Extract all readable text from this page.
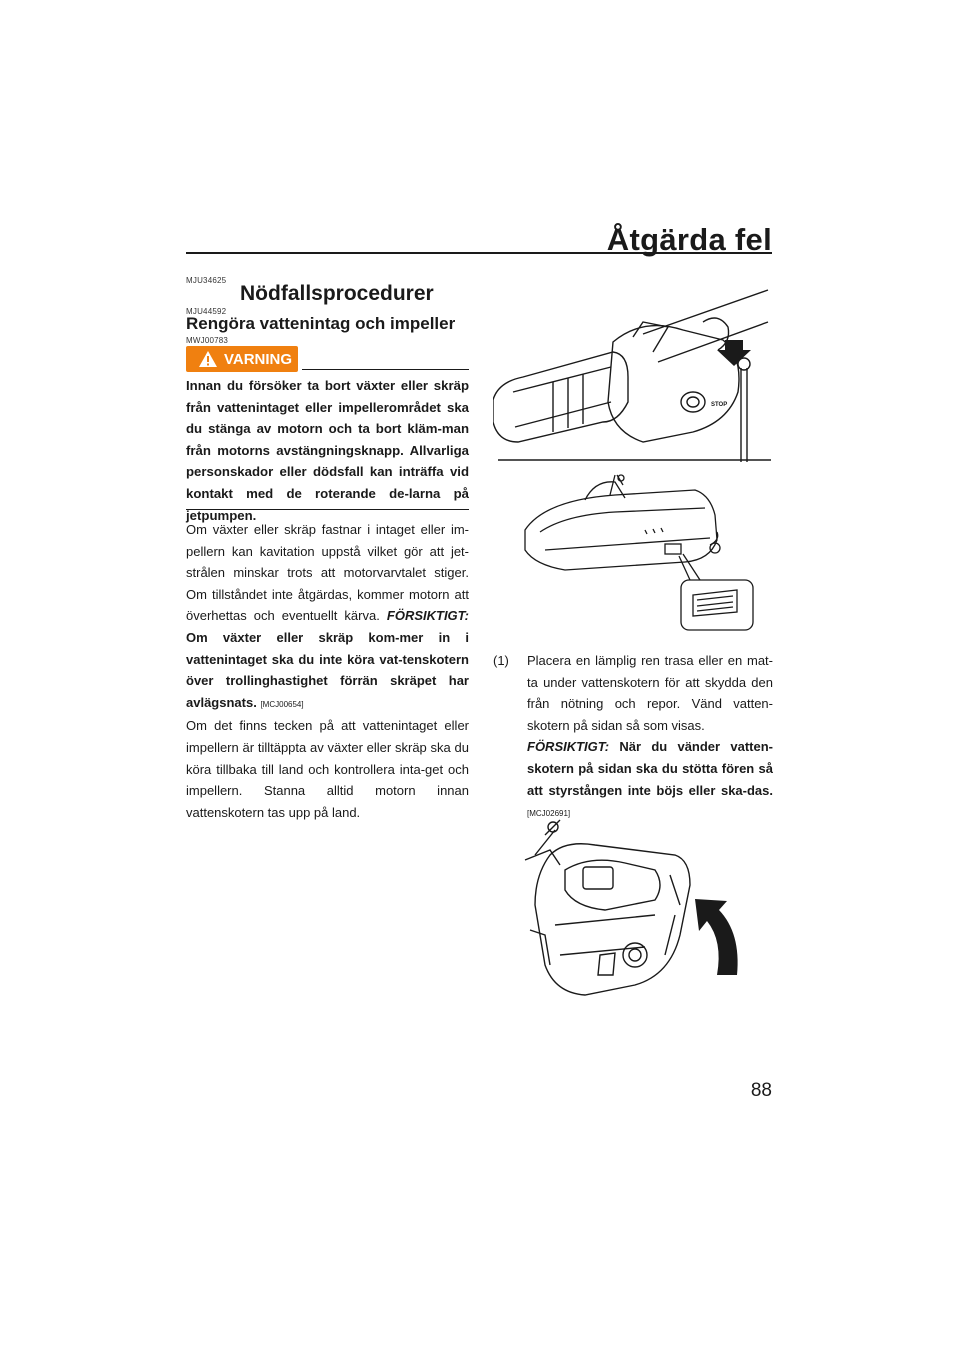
Åtgärda fel
MJU34625
Nödfallsprocedurer
MJU44592
Rengöra vattenintag och impeller
MWJ00783
VARNING
Innan du försöker ta bort växter eller skräp från vattenintaget eller impellerområdet ska du stänga av motorn och ta bort kläm-man från motorns avstängningsknapp. Allvarliga personskador eller dödsfall kan inträffa vid kontakt med de roterande de-larna på jetpumpen.

Om växter eller skräp fastnar i intaget eller im-pellern kan kavitation uppstå vilket gör att jet-strålen minskar trots att motorvarvtalet stiger. Om tillståndet inte åtgärdas, kommer motorn att överhettas och eventuellt kärva. FÖRSIKTIGT: Om växter eller skräp kom-mer in i vattenintaget ska du inte köra vat-tenskotern över trollinghastighet förrän skräpet har avlägsnats. [MCJ00654]

Om det finns tecken på att vattenintaget eller impellern är tilltäppta av växter eller skräp ska du köra tillbaka till land och kontrollera inta-get och impellern. Stanna alltid motorn innan vattenskotern tas upp på land.

STOP
(1) Placera en lämplig ren trasa eller en mat-ta under vattenskotern för att skydda den från nötning och repor. Vänd vatten-skotern på sidan så som visas.
FÖRSIKTIGT: När du vänder vatten-skotern på sidan ska du stötta fören så att styrstången inte böjs eller ska-das. [MCJ02691]
88
